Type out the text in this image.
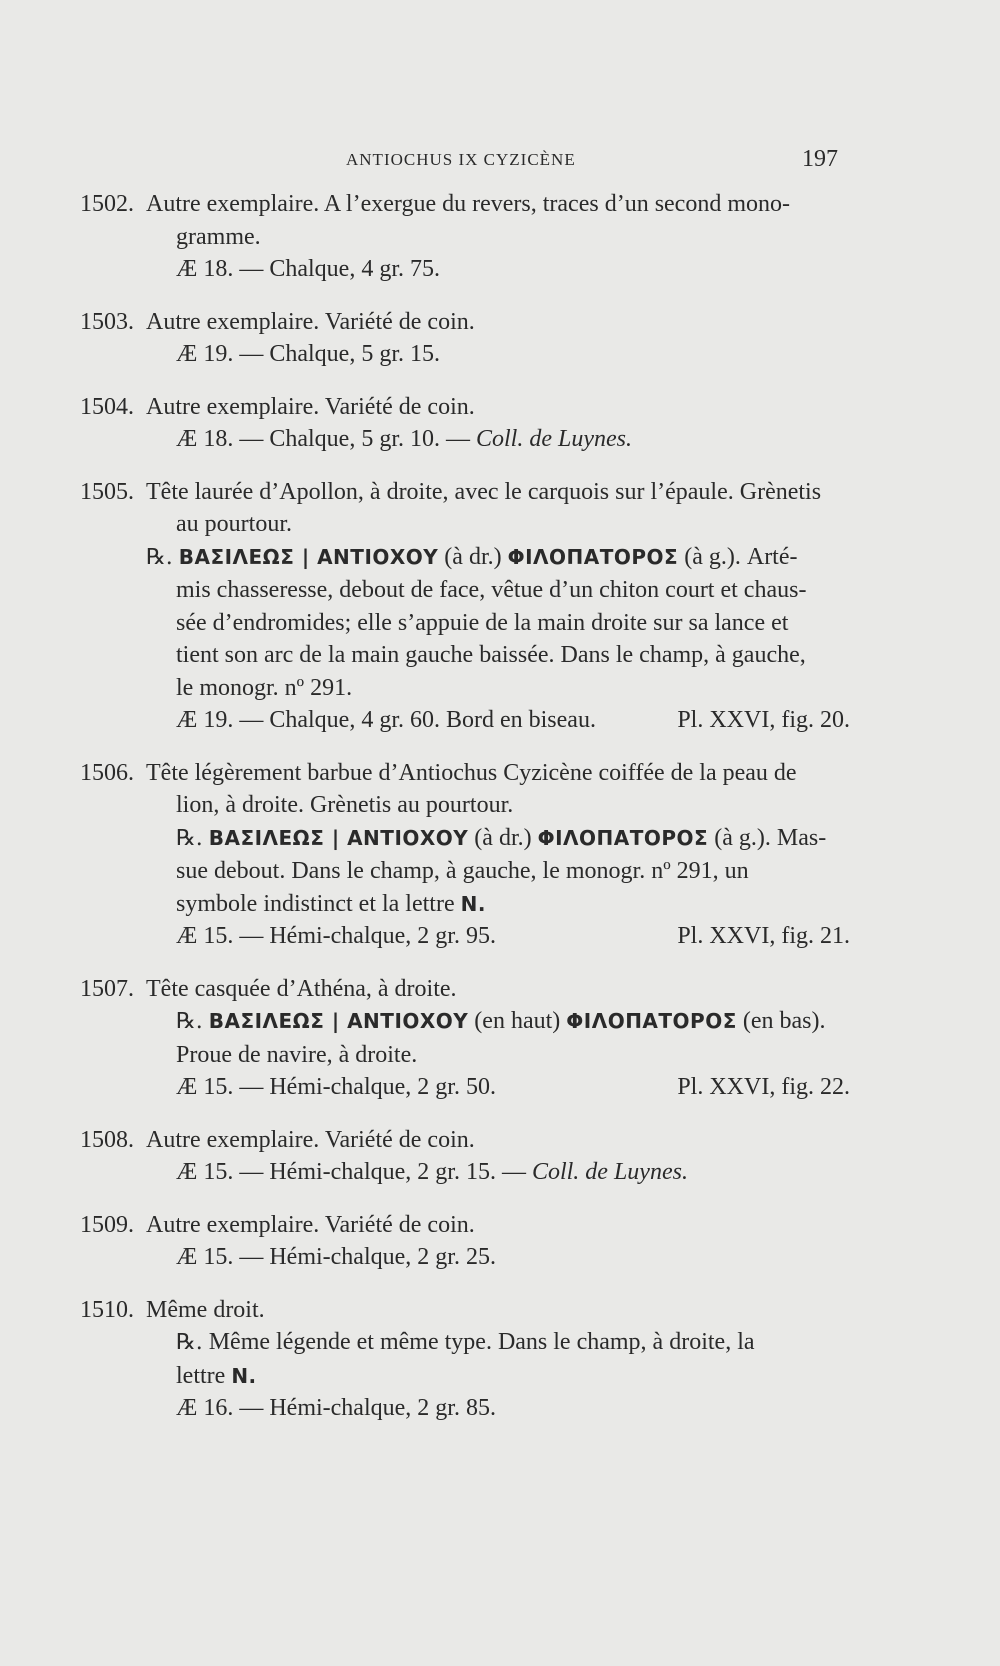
ANTIOCHUS IX CYZICÈNE	197
1502. Autre exemplaire. A l’exergue du revers, traces d’un second mono-
gramme.
Æ 18. — Chalque, 4 gr. 75.
1503. Autre exemplaire. Variété de coin.
Æ 19. — Chalque, 5 gr. 15.
1504. Autre exemplaire. Variété de coin.
Æ 18. — Chalque, 5 gr. 10. — Coll. de Luynes.
1505. Tête laurée d’Apollon, à droite, avec le carquois sur l’épaule. Grènetis
au pourtour.
℞. ΒΑΣΙΛΕΩΣ | ΑΝΤΙΟΧΟΥ (à dr.) ΦΙΛΟΠΑΤΟΡΟΣ (à g.). Arté-
mis chasseresse, debout de face, vêtue d’un chiton court et chaus-
sée d’endromides; elle s’appuie de la main droite sur sa lance et
tient son arc de la main gauche baissée. Dans le champ, à gauche,
le monogr. nº 291.
Æ 19. — Chalque, 4 gr. 60. Bord en biseau.	Pl. XXVI, fig. 20.
1506. Tête légèrement barbue d’Antiochus Cyzicène coiffée de la peau de
lion, à droite. Grènetis au pourtour.
℞. ΒΑΣΙΛΕΩΣ | ΑΝΤΙΟΧΟΥ (à dr.) ΦΙΛΟΠΑΤΟΡΟΣ (à g.). Mas-
sue debout. Dans le champ, à gauche, le monogr. nº 291, un
symbole indistinct et la lettre N.
Æ 15. — Hémi-chalque, 2 gr. 95.	Pl. XXVI, fig. 21.
1507. Tête casquée d’Athéna, à droite.
℞. ΒΑΣΙΛΕΩΣ | ΑΝΤΙΟΧΟΥ (en haut) ΦΙΛΟΠΑΤΟΡΟΣ (en bas).
Proue de navire, à droite.
Æ 15. — Hémi-chalque, 2 gr. 50.	Pl. XXVI, fig. 22.
1508. Autre exemplaire. Variété de coin.
Æ 15. — Hémi-chalque, 2 gr. 15. — Coll. de Luynes.
1509. Autre exemplaire. Variété de coin.
Æ 15. — Hémi-chalque, 2 gr. 25.
1510. Même droit.
℞. Même légende et même type. Dans le champ, à droite, la
lettre N.
Æ 16. — Hémi-chalque, 2 gr. 85.
